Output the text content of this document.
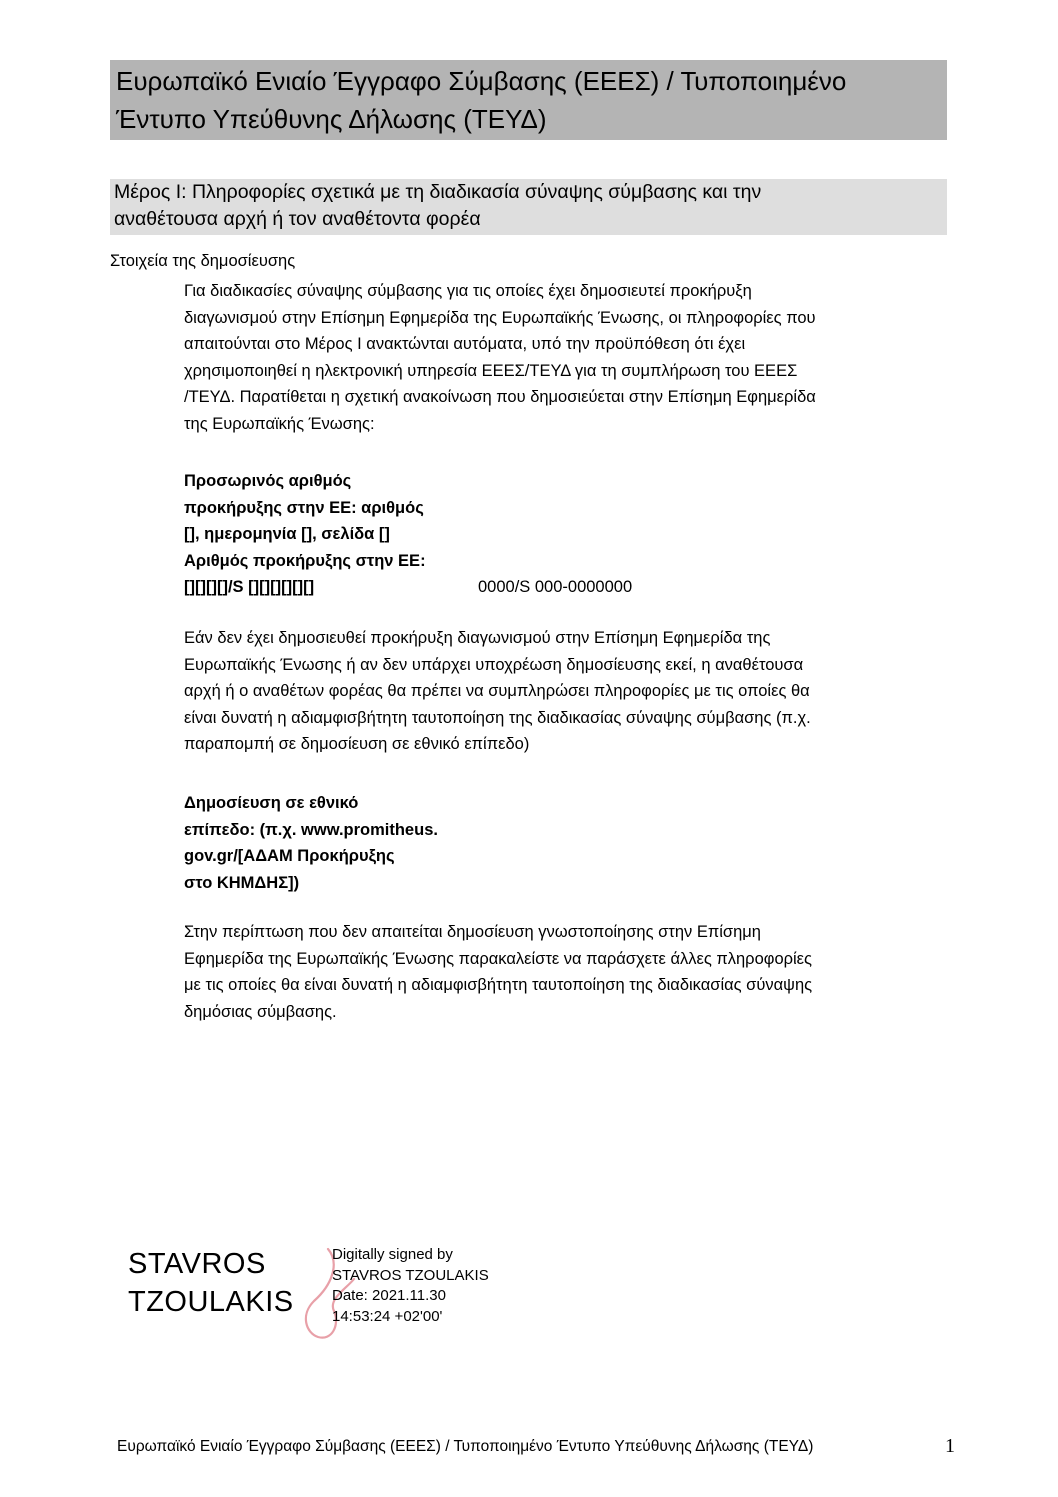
Ευρωπαϊκό Ενιαίο Έγγραφο Σύμβασης (ΕΕΕΣ) / Τυποποιημένο
Έντυπο Υπεύθυνης Δήλωσης (ΤΕΥΔ)
Μέρος I: Πληροφορίες σχετικά με τη διαδικασία σύναψης σύμβασης και την
αναθέτουσα αρχή ή τον αναθέτοντα φορέα
Στοιχεία της δημοσίευσης
Για διαδικασίες σύναψης σύμβασης για τις οποίες έχει δημοσιευτεί προκήρυξη
διαγωνισμού στην Επίσημη Εφημερίδα της Ευρωπαϊκής Ένωσης, οι πληροφορίες που
απαιτούνται στο Μέρος I ανακτώνται αυτόματα, υπό την προϋπόθεση ότι έχει
χρησιμοποιηθεί η ηλεκτρονική υπηρεσία ΕΕΕΣ/ΤΕΥΔ για τη συμπλήρωση του ΕΕΕΣ
/ΤΕΥΔ. Παρατίθεται η σχετική ανακοίνωση που δημοσιεύεται στην Επίσημη Εφημερίδα
της Ευρωπαϊκής Ένωσης:
Προσωρινός αριθμός
προκήρυξης στην ΕΕ: αριθμός
[], ημερομηνία [], σελίδα []
Αριθμός προκήρυξης στην ΕΕ:
[][][][]/S [][][][][][]	0000/S 000-0000000
Εάν δεν έχει δημοσιευθεί προκήρυξη διαγωνισμού στην Επίσημη Εφημερίδα της
Ευρωπαϊκής Ένωσης ή αν δεν υπάρχει υποχρέωση δημοσίευσης εκεί, η αναθέτουσα
αρχή ή ο αναθέτων φορέας θα πρέπει να συμπληρώσει πληροφορίες με τις οποίες θα
είναι δυνατή η αδιαμφισβήτητη ταυτοποίηση της διαδικασίας σύναψης σύμβασης (π.χ.
παραπομπή σε δημοσίευση σε εθνικό επίπεδο)
Δημοσίευση σε εθνικό
επίπεδο: (π.χ. www.promitheus.
gov.gr/[ΑΔΑΜ Προκήρυξης
στο ΚΗΜΔΗΣ])
Στην περίπτωση που δεν απαιτείται δημοσίευση γνωστοποίησης στην Επίσημη
Εφημερίδα της Ευρωπαϊκής Ένωσης παρακαλείστε να παράσχετε άλλες πληροφορίες
με τις οποίες θα είναι δυνατή η αδιαμφισβήτητη ταυτοποίηση της διαδικασίας σύναψης
δημόσιας σύμβασης.
STAVROS
TZOULAKIS
Digitally signed by
STAVROS TZOULAKIS
Date: 2021.11.30
14:53:24 +02'00'
Ευρωπαϊκό Ενιαίο Έγγραφο Σύμβασης (ΕΕΕΣ) / Τυποποιημένο Έντυπο Υπεύθυνης Δήλωσης (ΤΕΥΔ)	1
